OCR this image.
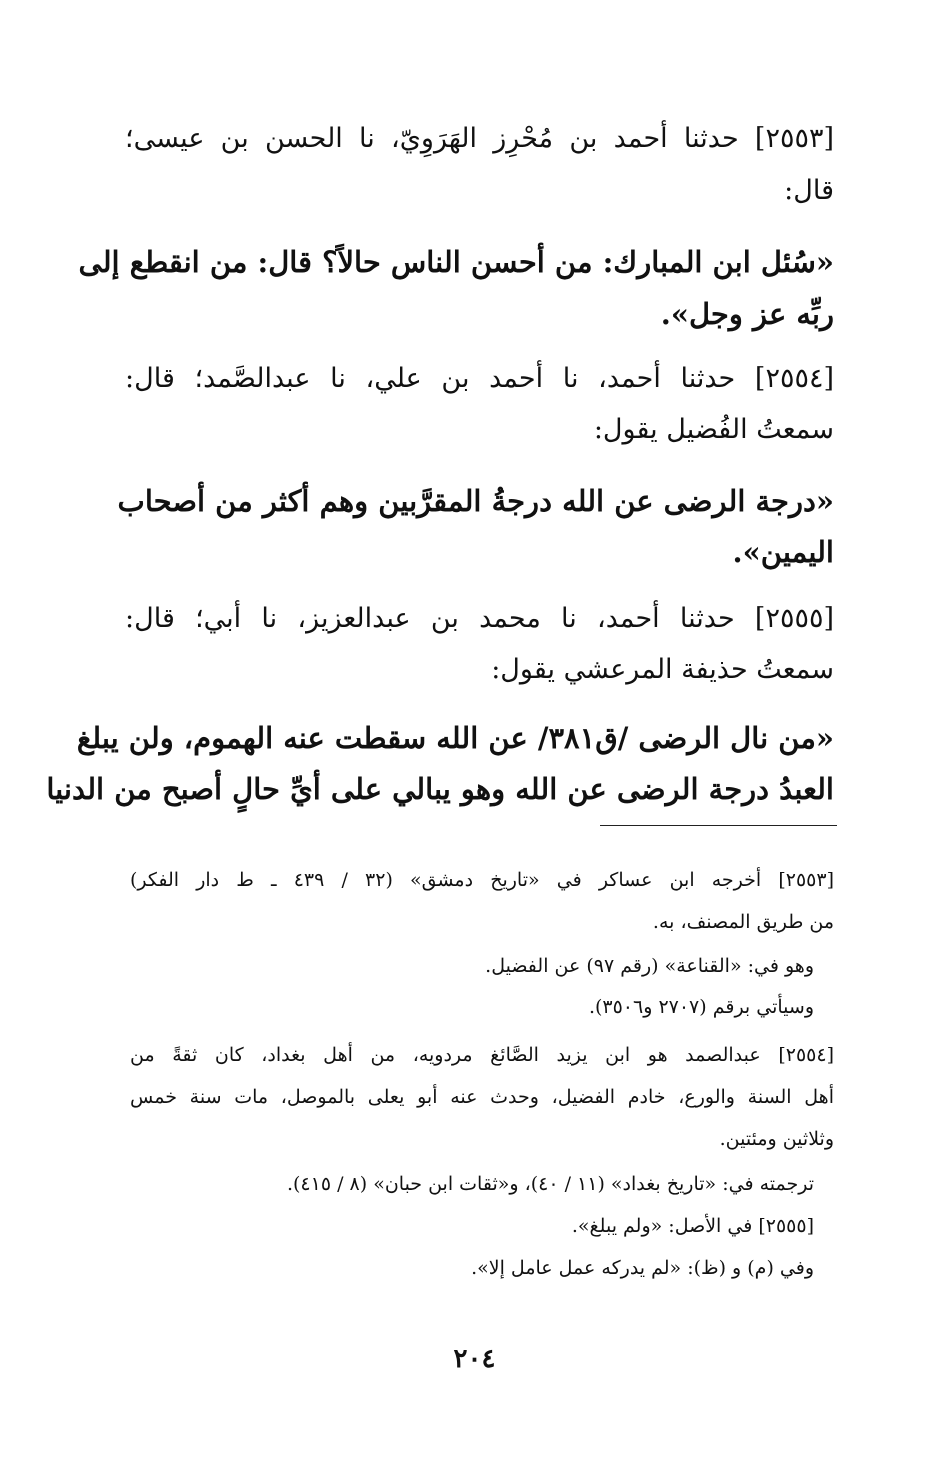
[٢٥٥٣] حدثنا أحمد بن مُحْرِز الهَرَوِيّ، نا الحسن بن عيسى؛
قال:
«سُئل ابن المبارك: من أحسن الناس حالاً؟ قال: من انقطع إلى
ربِّه عز وجل».
[٢٥٥٤] حدثنا أحمد، نا أحمد بن علي، نا عبدالصَّمد؛ قال:
سمعتُ الفُضيل يقول:
«درجة الرضى عن الله درجةُ المقرَّبين وهم أكثر من أصحاب
اليمين».
[٢٥٥٥] حدثنا أحمد، نا محمد بن عبدالعزيز، نا أبي؛ قال:
سمعتُ حذيفة المرعشي يقول:
«من نال الرضى /ق٣٨١/ عن الله سقطت عنه الهموم، ولن يبلغ
العبدُ درجة الرضى عن الله وهو يبالي على أيِّ حالٍ أصبح من الدنيا
[٢٥٥٣] أخرجه ابن عساكر في «تاريخ دمشق» (٣٢ / ٤٣٩ ـ ط دار الفكر)
من طريق المصنف، به.
وهو في: «القناعة» (رقم ٩٧) عن الفضيل.
وسيأتي برقم (٢٧٠٧ و٣٥٠٦).
[٢٥٥٤] عبدالصمد هو ابن يزيد الصَّائغ مردويه، من أهل بغداد، كان ثقةً من
أهل السنة والورع، خادم الفضيل، وحدث عنه أبو يعلى بالموصل، مات سنة خمس
وثلاثين ومئتين.
ترجمته في: «تاريخ بغداد» (١١ / ٤٠)، و«ثقات ابن حبان» (٨ / ٤١٥).
[٢٥٥٥] في الأصل: «ولم يبلغ».
وفي (م) و (ظ): «لم يدركه عمل عامل إلا».
٢٠٤
